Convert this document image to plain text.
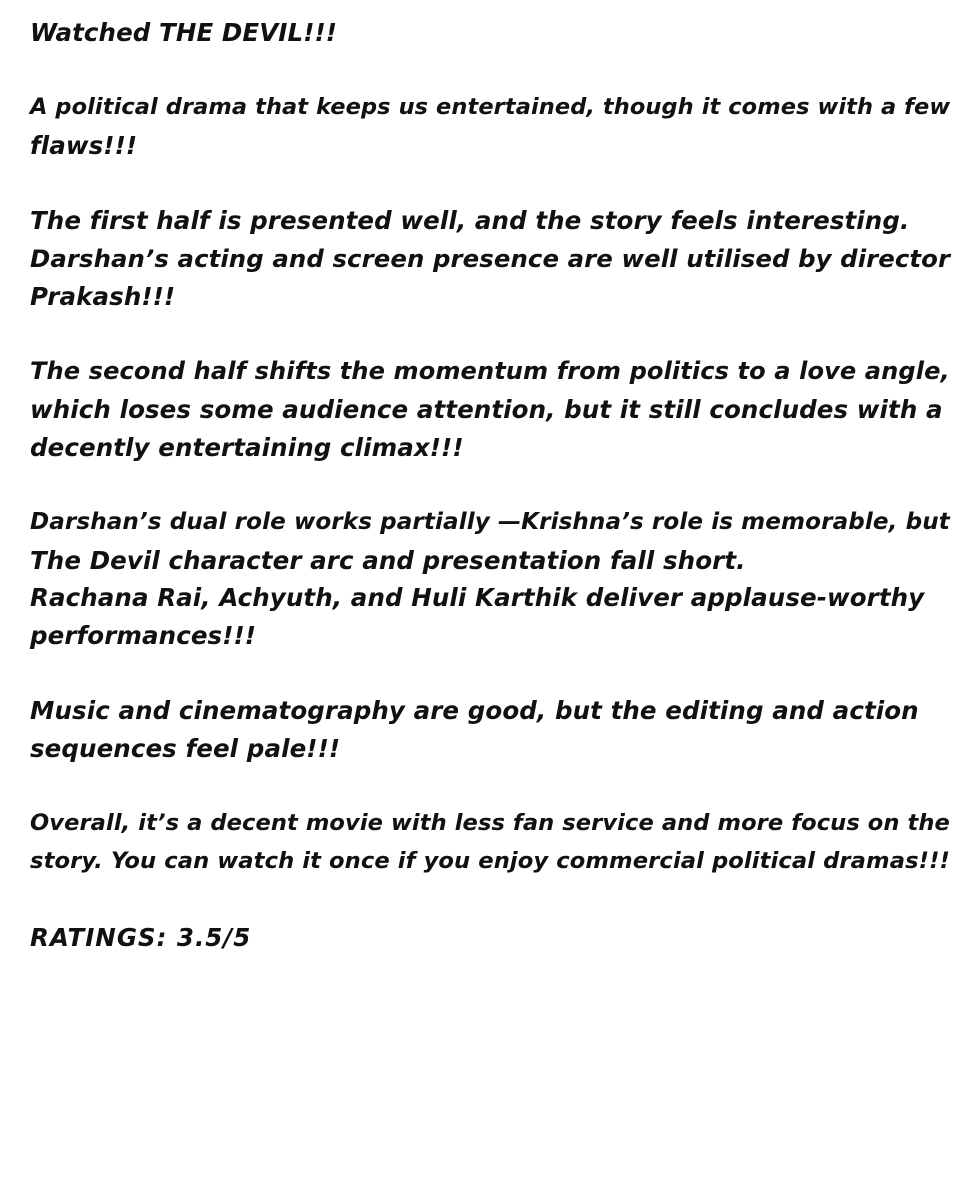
Watched THE DEVIL!!!
A political drama that keeps us entertained, though it comes with a few
flaws!!!
The first half is presented well, and the story feels interesting.
Darshan’s acting and screen presence are well utilised by director
Prakash!!!
The second half shifts the momentum from politics to a love angle,
which loses some audience attention, but it still concludes with a
decently entertaining climax!!!
Darshan’s dual role works partially —Krishna’s role is memorable, but
The Devil character arc and presentation fall short.
Rachana Rai, Achyuth, and Huli Karthik deliver applause-worthy
performances!!!
Music and cinematography are good, but the editing and action
sequences feel pale!!!
Overall, it’s a decent movie with less fan service and more focus on the
story. You can watch it once if you enjoy commercial political dramas!!!
RATINGS: 3.5/5
